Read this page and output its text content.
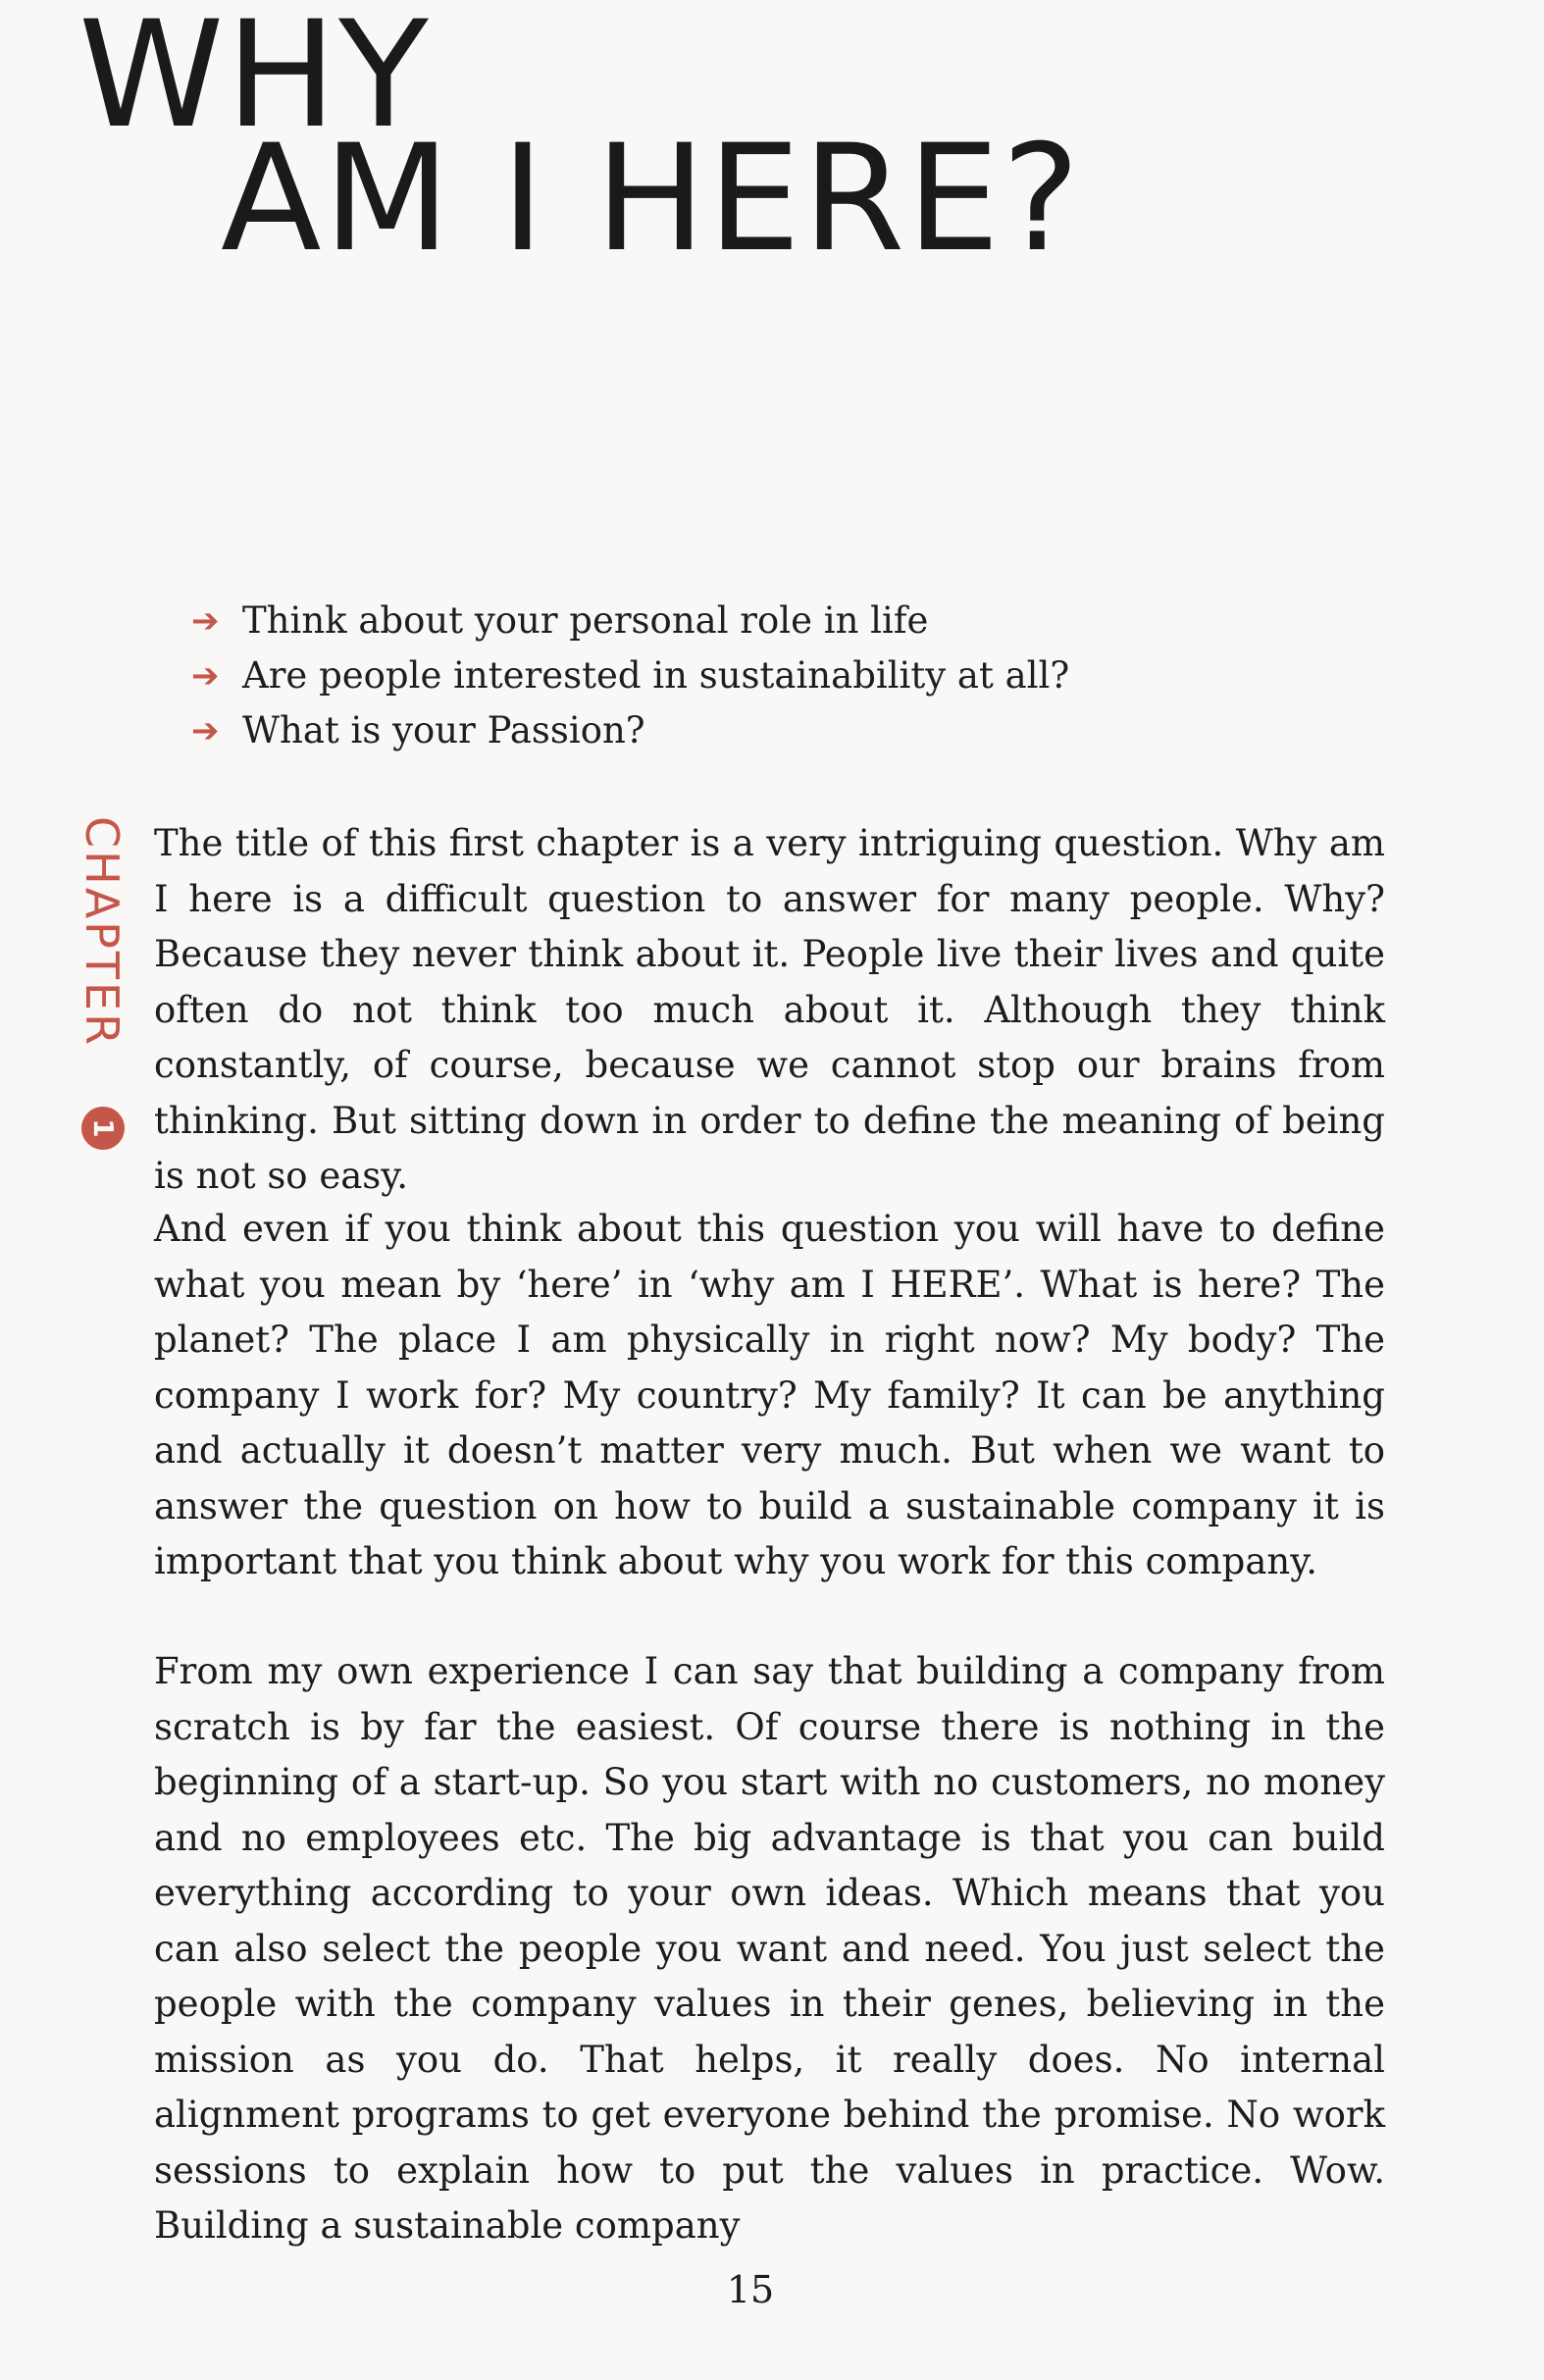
WHY
AM I HERE?
➔ Think about your personal role in life
➔ Are people interested in sustainability at all?
➔ What is your Passion?
CHAPTER
1

The title of this first chapter is a very intriguing question. Why am I here is a difficult question to answer for many people. Why? Because they never think about it. People live their lives and quite often do not think too much about it. Although they think constantly, of course, because we cannot stop our brains from thinking. But sitting down in order to define the meaning of being is not so easy.

And even if you think about this question you will have to define what you mean by ‘here’ in ‘why am I HERE’. What is here? The planet? The place I am physically in right now? My body? The company I work for? My country? My family? It can be anything and actually it doesn’t matter very much. But when we want to answer the question on how to build a sustainable company it is important that you think about why you work for this company.

From my own experience I can say that building a company from scratch is by far the easiest. Of course there is nothing in the beginning of a start-up. So you start with no customers, no money and no employees etc. The big advantage is that you can build everything according to your own ideas. Which means that you can also select the people you want and need. You just select the people with the company values in their genes, believing in the mission as you do. That helps, it really does. No internal alignment programs to get everyone behind the promise. No work sessions to explain how to put the values in practice. Wow. Building a sustainable company

15
